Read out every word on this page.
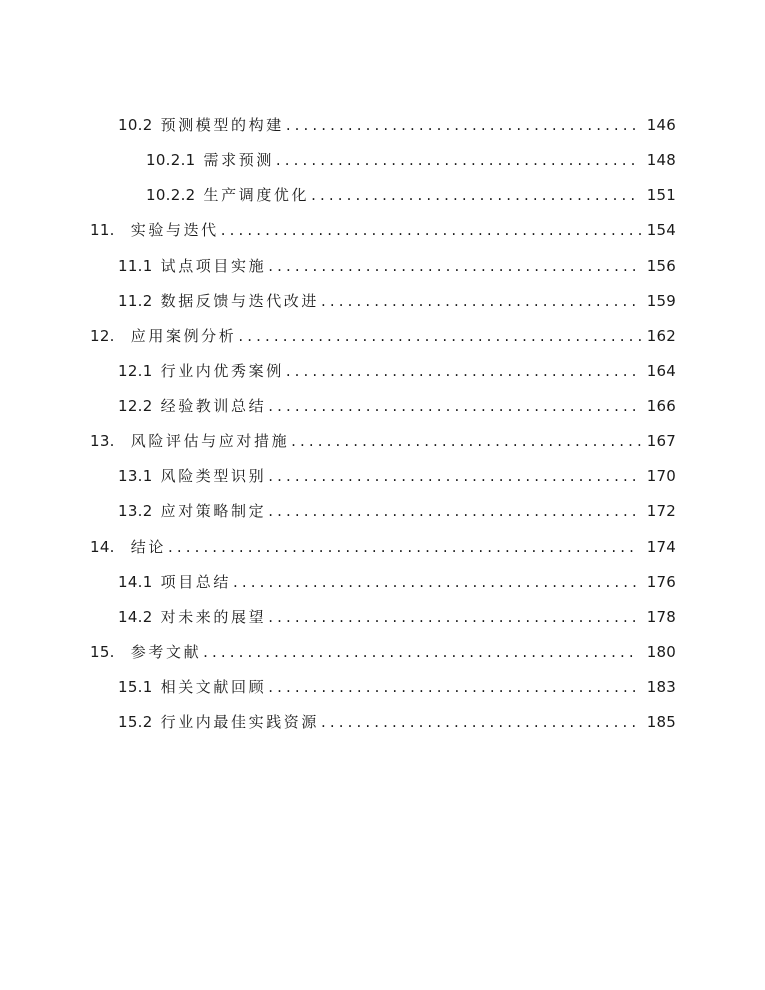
10.2 预测模型的构建 .....	146
10.2.1 需求预测 .....	148
10.2.2 生产调度优化 .....	151
11. 实验与迭代 .....	154
11.1 试点项目实施 .....	156
11.2 数据反馈与迭代改进 .....	159
12. 应用案例分析 .....	162
12.1 行业内优秀案例 .....	164
12.2 经验教训总结 .....	166
13. 风险评估与应对措施 .....	167
13.1 风险类型识别 .....	170
13.2 应对策略制定 .....	172
14. 结论 .....	174
14.1 项目总结 .....	176
14.2 对未来的展望 .....	178
15. 参考文献 .....	180
15.1 相关文献回顾 .....	183
15.2 行业内最佳实践资源 .....	185
